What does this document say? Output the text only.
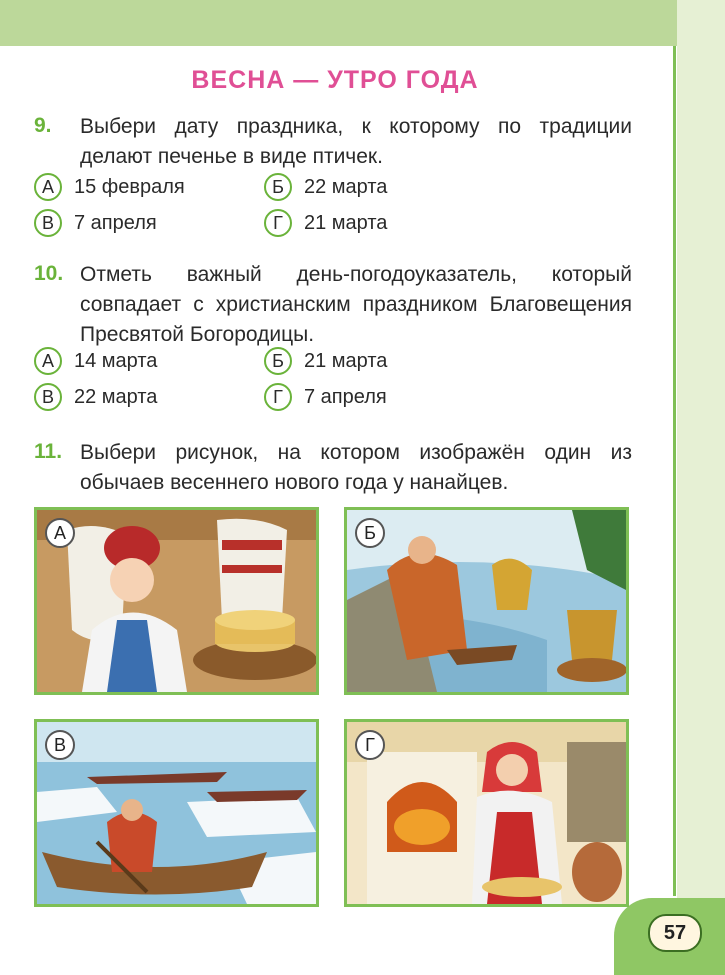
57
ВЕСНА — УТРО ГОДА
9. Выбери дату праздника, к которому по традиции делают печенье в виде птичек.
А	15 февраля	Б	22 марта
В	7 апреля	Г	21 марта
10. Отметь важный день-погодоуказатель, который совпадает с христианским праздником Благовещения Пресвятой Богородицы.
А	14 марта	Б	21 марта
В	22 марта	Г	7 апреля
11. Выбери рисунок, на котором изображён один из обычаев весеннего нового года у нанайцев.
А	Б
В	Г
